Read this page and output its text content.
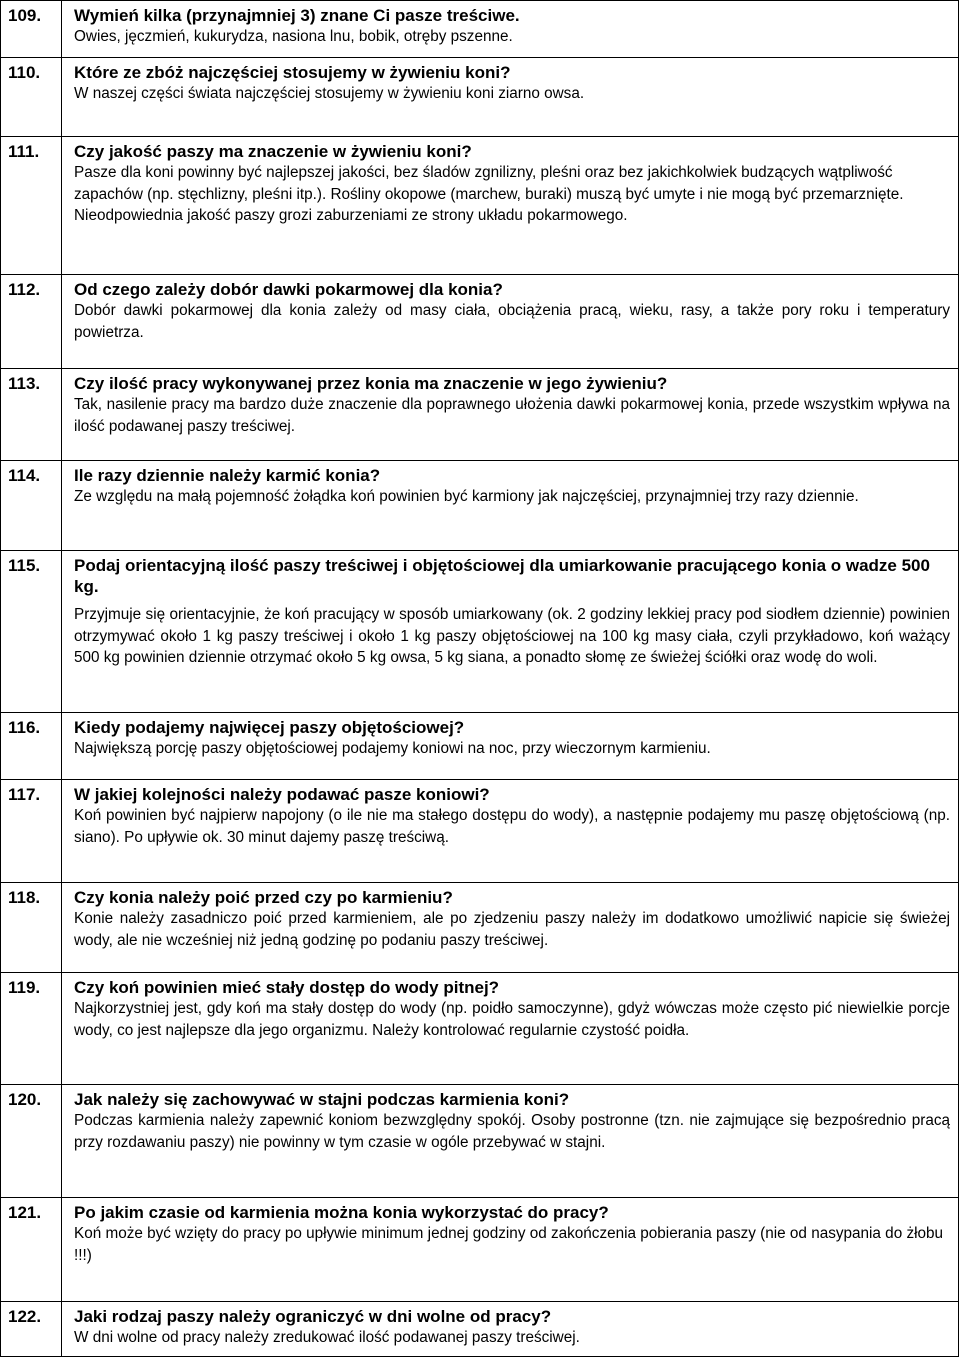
109.	Wymień kilka (przynajmniej 3) znane Ci pasze treściwe.
Owies, jęczmień, kukurydza, nasiona lnu, bobik, otręby pszenne.

110.	Które ze zbóż najczęściej stosujemy w żywieniu koni?
W naszej części świata najczęściej stosujemy w żywieniu koni ziarno owsa.

111.	Czy jakość paszy ma znaczenie w żywieniu koni?
Pasze dla koni powinny być najlepszej jakości, bez śladów zgnilizny, pleśni oraz bez jakichkolwiek budzących wątpliwość zapachów (np. stęchlizny, pleśni itp.). Rośliny okopowe (marchew, buraki) muszą być umyte i nie mogą być przemarznięte. Nieodpowiednia jakość paszy grozi zaburzeniami ze strony układu pokarmowego.

112.	Od czego zależy dobór dawki pokarmowej dla konia?
Dobór dawki pokarmowej dla konia zależy od masy ciała, obciążenia pracą, wieku, rasy, a także pory roku i temperatury powietrza.

113.	Czy ilość pracy wykonywanej przez konia ma znaczenie w jego żywieniu?
Tak, nasilenie pracy ma bardzo duże znaczenie dla poprawnego ułożenia dawki pokarmowej konia, przede wszystkim wpływa na ilość podawanej paszy treściwej.

114.	Ile razy dziennie należy karmić konia?
Ze względu na małą pojemność żołądka koń powinien być karmiony jak najczęściej, przynajmniej trzy razy dziennie.

115.	Podaj orientacyjną ilość paszy treściwej i objętościowej dla umiarkowanie pracującego konia o wadze 500 kg.
Przyjmuje się orientacyjnie, że koń pracujący w sposób umiarkowany (ok. 2 godziny lekkiej pracy pod siodłem dziennie) powinien otrzymywać około 1 kg paszy treściwej i około 1 kg paszy objętościowej na 100 kg masy ciała, czyli przykładowo, koń ważący 500 kg powinien dziennie otrzymać około 5 kg owsa, 5 kg siana, a ponadto słomę ze świeżej ściółki oraz wodę do woli.

116.	Kiedy podajemy najwięcej paszy objętościowej?
Największą porcję paszy objętościowej podajemy koniowi na noc, przy wieczornym karmieniu.

117.	W jakiej kolejności należy podawać pasze koniowi?
Koń powinien być najpierw napojony (o ile nie ma stałego dostępu do wody), a następnie podajemy mu paszę objętościową (np. siano). Po upływie ok. 30 minut dajemy paszę treściwą.

118.	Czy konia należy poić przed czy po karmieniu?
Konie należy zasadniczo poić przed karmieniem, ale po zjedzeniu paszy należy im dodatkowo umożliwić napicie się świeżej wody, ale nie wcześniej niż jedną godzinę po podaniu paszy treściwej.

119.	Czy koń powinien mieć stały dostęp do wody pitnej?
Najkorzystniej jest, gdy koń ma stały dostęp do wody (np. poidło samoczynne), gdyż wówczas może często pić niewielkie porcje wody, co jest najlepsze dla jego organizmu. Należy kontrolować regularnie czystość poidła.

120.	Jak należy się zachowywać w stajni podczas karmienia koni?
Podczas karmienia należy zapewnić koniom bezwzględny spokój. Osoby postronne (tzn. nie zajmujące się bezpośrednio pracą przy rozdawaniu paszy) nie powinny w tym czasie w ogóle przebywać w stajni.

121.	Po jakim czasie od karmienia można konia wykorzystać do pracy?
Koń może być wzięty do pracy po upływie minimum jednej godziny od zakończenia pobierania paszy (nie od nasypania do żłobu !!!)

122.	Jaki rodzaj paszy należy ograniczyć w dni wolne od pracy?
W dni wolne od pracy należy zredukować ilość podawanej paszy treściwej.
